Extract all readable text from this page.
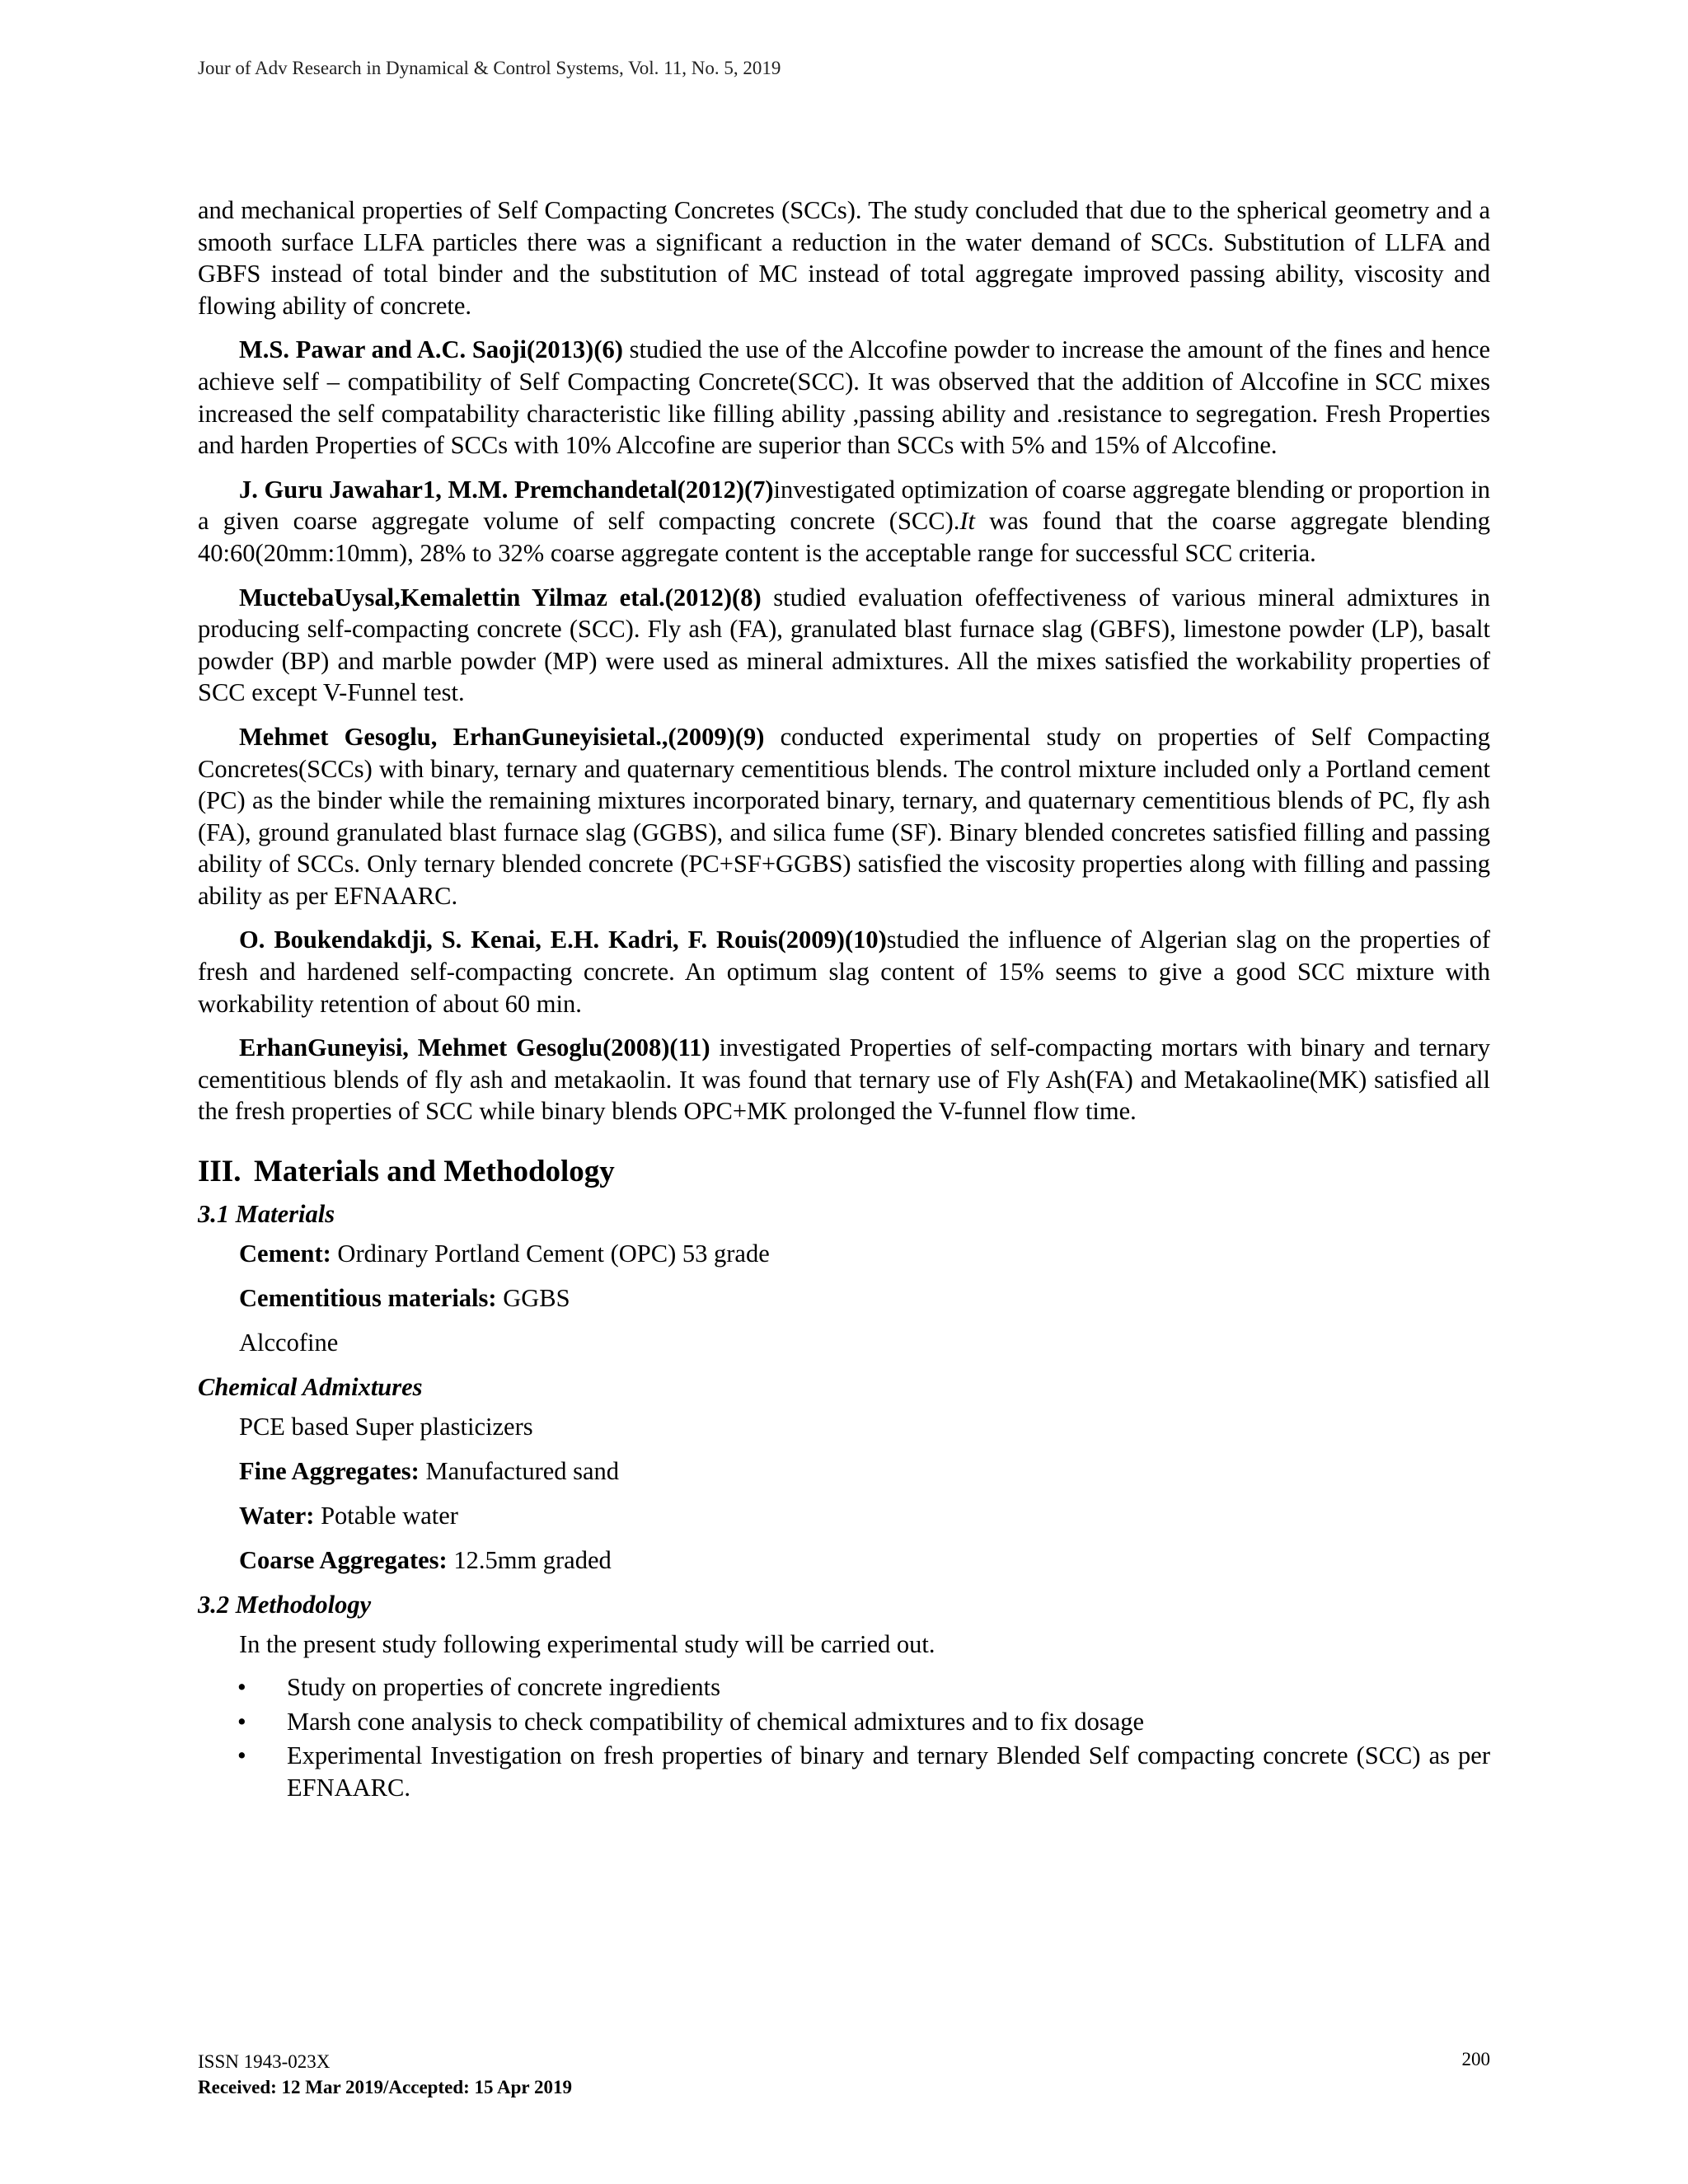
Jour of Adv Research in Dynamical & Control Systems, Vol. 11, No. 5, 2019

and mechanical properties of Self Compacting Concretes (SCCs). The study concluded that due to the spherical geometry and a smooth surface LLFA particles there was a significant a reduction in the water demand of SCCs. Substitution of LLFA and GBFS instead of total binder and the substitution of MC instead of total aggregate improved passing ability, viscosity and flowing ability of concrete.

M.S. Pawar and A.C. Saoji(2013)(6) studied the use of the Alccofine powder to increase the amount of the fines and hence achieve self – compatibility of Self Compacting Concrete(SCC). It was observed that the addition of Alccofine in SCC mixes increased the self compatability characteristic like filling ability ,passing ability and .resistance to segregation. Fresh Properties and harden Properties of SCCs with 10% Alccofine are superior than SCCs with 5% and 15% of Alccofine.

J. Guru Jawahar1, M.M. Premchandetal(2012)(7)investigated optimization of coarse aggregate blending or proportion in a given coarse aggregate volume of self compacting concrete (SCC).It was found that the coarse aggregate blending 40:60(20mm:10mm), 28% to 32% coarse aggregate content is the acceptable range for successful SCC criteria.

MuctebaUysal,Kemalettin Yilmaz etal.(2012)(8) studied evaluation ofeffectiveness of various mineral admixtures in producing self-compacting concrete (SCC). Fly ash (FA), granulated blast furnace slag (GBFS), limestone powder (LP), basalt powder (BP) and marble powder (MP) were used as mineral admixtures. All the mixes satisfied the workability properties of SCC except V-Funnel test.

Mehmet Gesoglu, ErhanGuneyisietal.,(2009)(9) conducted experimental study on properties of Self Compacting Concretes(SCCs) with binary, ternary and quaternary cementitious blends. The control mixture included only a Portland cement (PC) as the binder while the remaining mixtures incorporated binary, ternary, and quaternary cementitious blends of PC, fly ash (FA), ground granulated blast furnace slag (GGBS), and silica fume (SF). Binary blended concretes satisfied filling and passing ability of SCCs. Only ternary blended concrete (PC+SF+GGBS) satisfied the viscosity properties along with filling and passing ability as per EFNAARC.

O. Boukendakdji, S. Kenai, E.H. Kadri, F. Rouis(2009)(10)studied the influence of Algerian slag on the properties of fresh and hardened self-compacting concrete. An optimum slag content of 15% seems to give a good SCC mixture with workability retention of about 60 min.

ErhanGuneyisi, Mehmet Gesoglu(2008)(11) investigated Properties of self-compacting mortars with binary and ternary cementitious blends of fly ash and metakaolin. It was found that ternary use of Fly Ash(FA) and Metakaoline(MK) satisfied all the fresh properties of SCC while binary blends OPC+MK prolonged the V-funnel flow time.

III. Materials and Methodology
3.1 Materials
Cement: Ordinary Portland Cement (OPC) 53 grade
Cementitious materials: GGBS
Alccofine
Chemical Admixtures
PCE based Super plasticizers
Fine Aggregates: Manufactured sand
Water: Potable water
Coarse Aggregates: 12.5mm graded
3.2 Methodology
In the present study following experimental study will be carried out.
• Study on properties of concrete ingredients
• Marsh cone analysis to check compatibility of chemical admixtures and to fix dosage
• Experimental Investigation on fresh properties of binary and ternary Blended Self compacting concrete (SCC) as per EFNAARC.
ISSN 1943-023X
Received: 12 Mar 2019/Accepted: 15 Apr 2019
200
